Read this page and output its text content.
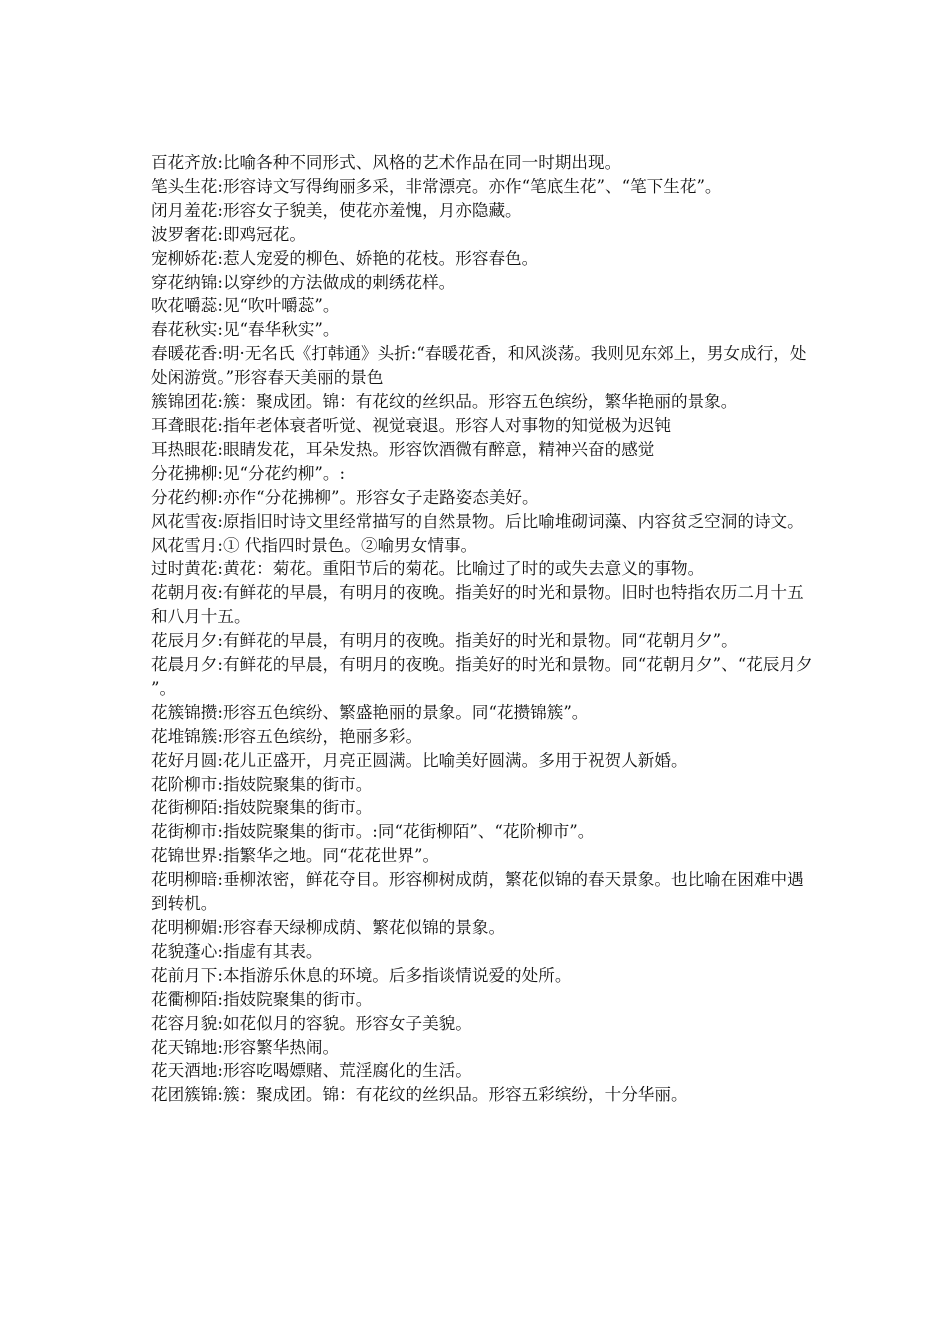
百花齐放:比喻各种不同形式、风格的艺术作品在同一时期出现。
笔头生花:形容诗文写得绚丽多采，非常漂亮。亦作“笔底生花”、“笔下生花”。
闭月羞花:形容女子貌美，使花亦羞愧，月亦隐藏。
波罗奢花:即鸡冠花。
宠柳娇花:惹人宠爱的柳色、娇艳的花枝。形容春色。
穿花纳锦:以穿纱的方法做成的刺绣花样。
吹花嚼蕊:见“吹叶嚼蕊”。
春花秋实:见“春华秋实”。
春暖花香:明·无名氏《打韩通》头折:“春暖花香，和风淡荡。我则见东郊上，男女成行，处处闲游赏。”形容春天美丽的景色
簇锦团花:簇：聚成团。锦：有花纹的丝织品。形容五色缤纷，繁华艳丽的景象。
耳聋眼花:指年老体衰者听觉、视觉衰退。形容人对事物的知觉极为迟钝
耳热眼花:眼睛发花，耳朵发热。形容饮酒微有醉意，精神兴奋的感觉
分花拂柳:见“分花约柳”。:
分花约柳:亦作“分花拂柳”。形容女子走路姿态美好。
风花雪夜:原指旧时诗文里经常描写的自然景物。后比喻堆砌词藻、内容贫乏空洞的诗文。
风花雪月:① 代指四时景色。②喻男女情事。
过时黄花:黄花：菊花。重阳节后的菊花。比喻过了时的或失去意义的事物。
花朝月夜:有鲜花的早晨，有明月的夜晚。指美好的时光和景物。旧时也特指农历二月十五和八月十五。
花辰月夕:有鲜花的早晨，有明月的夜晚。指美好的时光和景物。同“花朝月夕”。
花晨月夕:有鲜花的早晨，有明月的夜晚。指美好的时光和景物。同“花朝月夕”、“花辰月夕”。
花簇锦攒:形容五色缤纷、繁盛艳丽的景象。同“花攒锦簇”。
花堆锦簇:形容五色缤纷，艳丽多彩。
花好月圆:花儿正盛开，月亮正圆满。比喻美好圆满。多用于祝贺人新婚。
花阶柳市:指妓院聚集的街市。
花街柳陌:指妓院聚集的街市。
花街柳市:指妓院聚集的街市。:同“花街柳陌”、“花阶柳市”。
花锦世界:指繁华之地。同“花花世界”。
花明柳暗:垂柳浓密，鲜花夺目。形容柳树成荫，繁花似锦的春天景象。也比喻在困难中遇到转机。
花明柳媚:形容春天绿柳成荫、繁花似锦的景象。
花貌蓬心:指虚有其表。
花前月下:本指游乐休息的环境。后多指谈情说爱的处所。
花衢柳陌:指妓院聚集的街市。
花容月貌:如花似月的容貌。形容女子美貌。
花天锦地:形容繁华热闹。
花天酒地:形容吃喝嫖赌、荒淫腐化的生活。
花团簇锦:簇：聚成团。锦：有花纹的丝织品。形容五彩缤纷，十分华丽。
